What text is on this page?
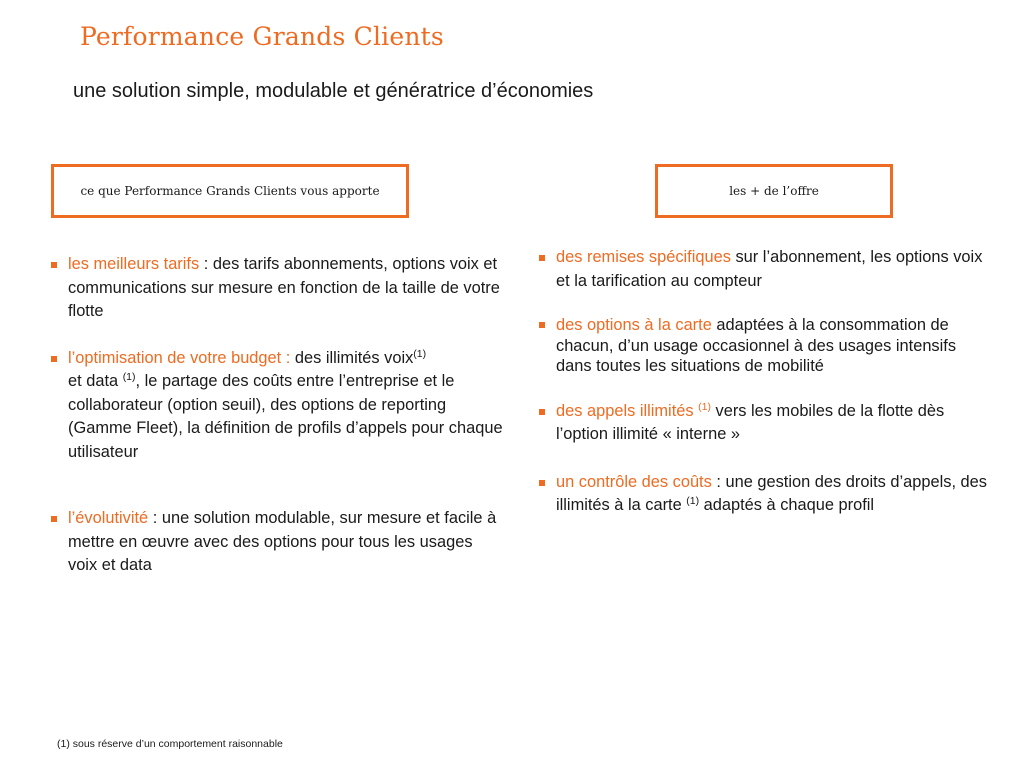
Performance Grands Clients
une solution simple, modulable et génératrice d’économies
ce que Performance Grands Clients vous apporte	les + de l’offre
les meilleurs tarifs : des tarifs abonnements, options voix et communications sur mesure en fonction de la taille de votre flotte
l’optimisation de votre budget : des illimités voix$^{(1)}$
et data $^{(1)}$, le partage des coûts entre l’entreprise et le collaborateur (option seuil), des options de reporting (Gamme Fleet), la définition de profils d’appels pour chaque utilisateur
l’évolutivité : une solution modulable, sur mesure et facile à mettre en œuvre avec des options pour tous les usages voix et data
des remises spécifiques sur l’abonnement, les options voix et la tarification au compteur
des options à la carte adaptées à la consommation de chacun, d’un usage occasionnel à des usages intensifs dans toutes les situations de mobilité
des appels illimités $^{(1)}$ vers les mobiles de la flotte dès l’option illimité « interne »
un contrôle des coûts : une gestion des droits d’appels, des illimités à la carte $^{(1)}$ adaptés à chaque profil
(1) sous réserve d’un comportement raisonnable
